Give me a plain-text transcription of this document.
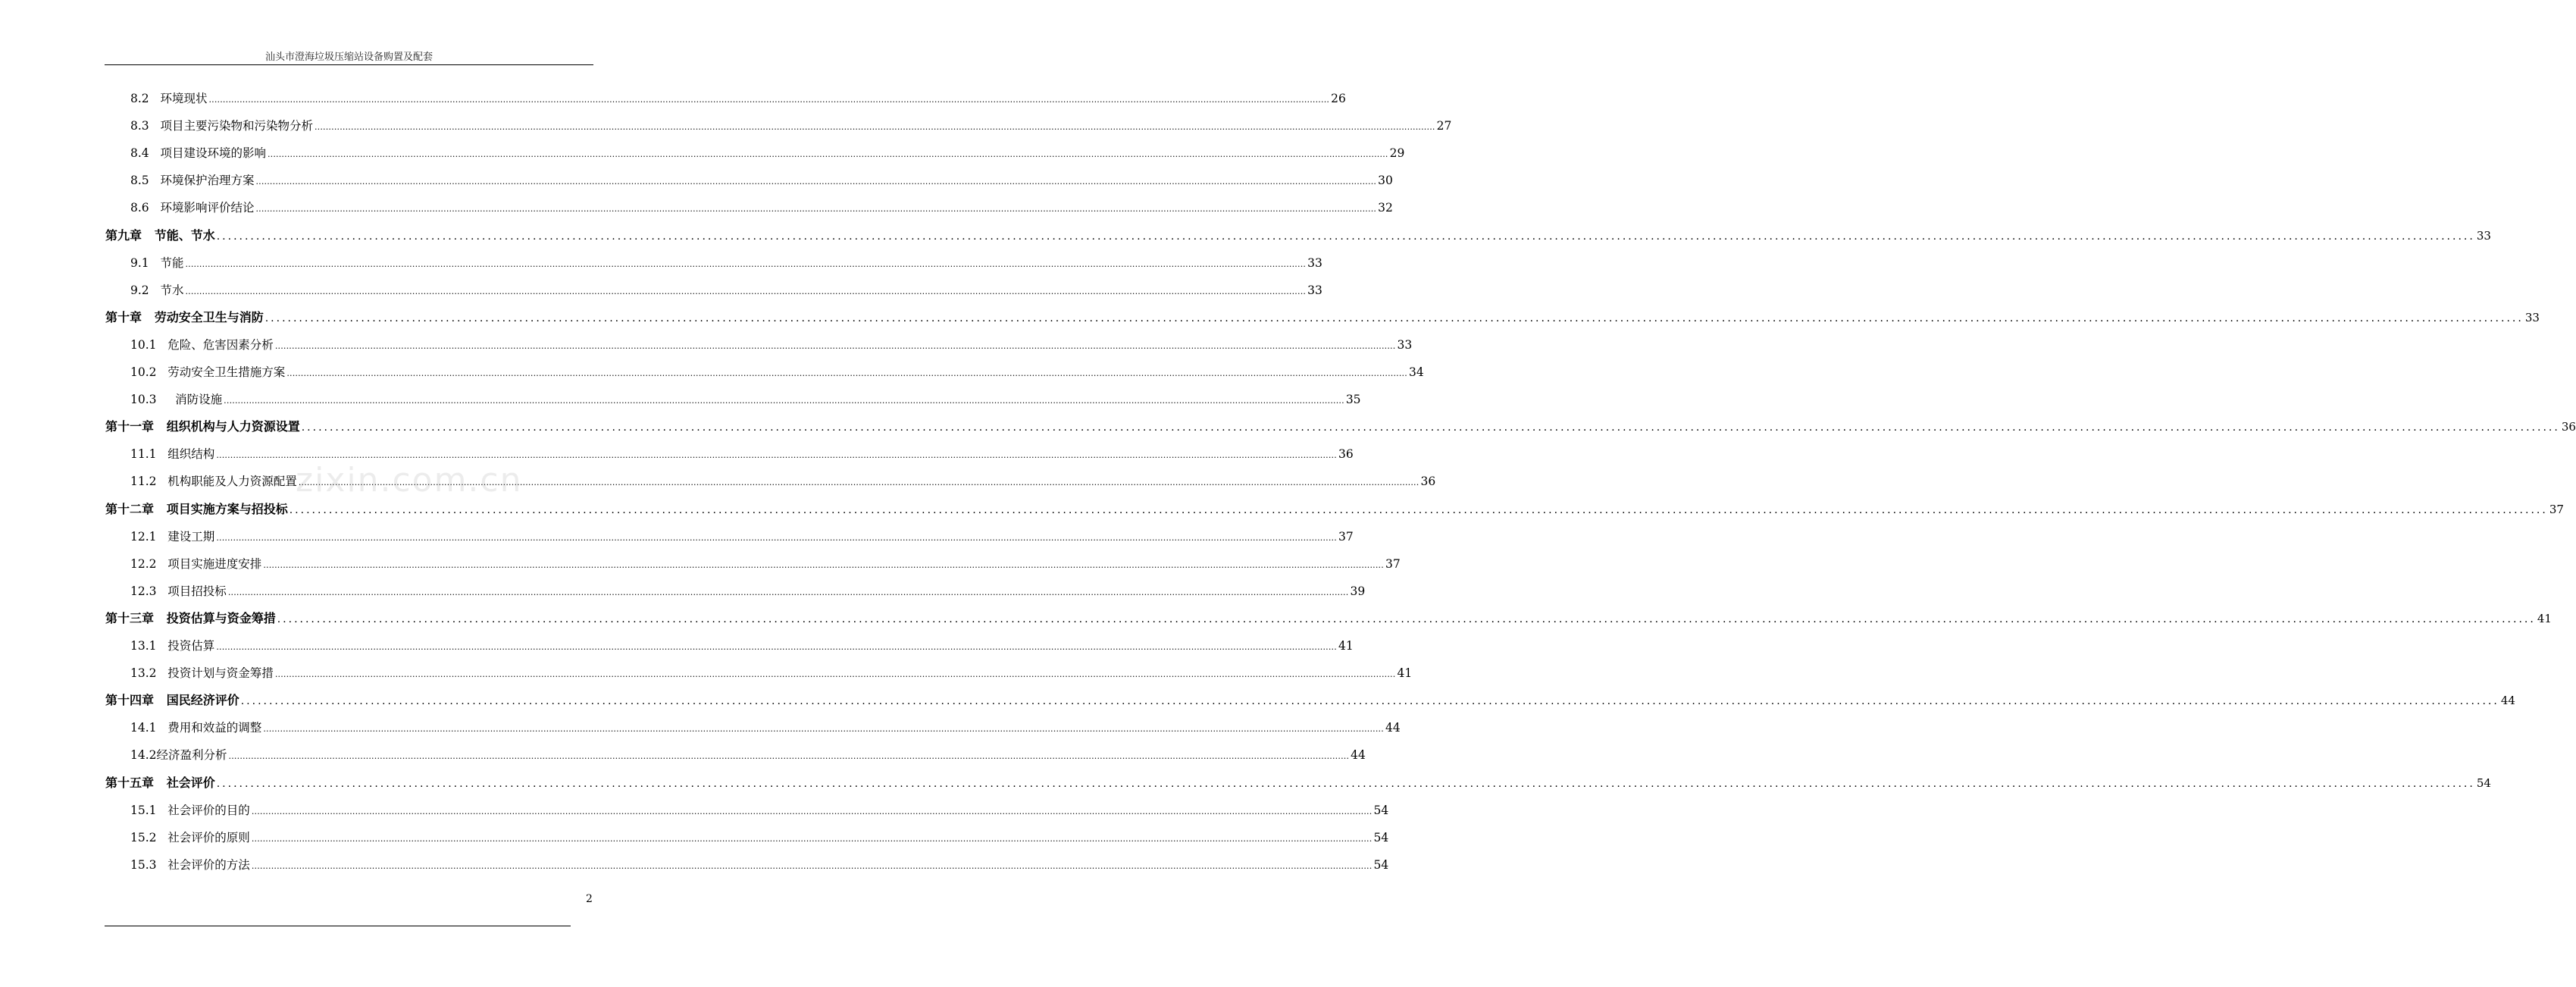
汕头市澄海垃圾压缩站设备购置及配套
8.2 环境现状 ................................................................................................................................................................................................................................................................................................................................................................................................................ 26
8.3 项目主要污染物和污染物分析 ................................................................................................................................................................................................................................................................................................................................................................................................................ 27
8.4 项目建设环境的影响 ................................................................................................................................................................................................................................................................................................................................................................................................................ 29
8.5 环境保护治理方案 ................................................................................................................................................................................................................................................................................................................................................................................................................ 30
8.6 环境影响评价结论 ................................................................................................................................................................................................................................................................................................................................................................................................................ 32
第九章 节能、节水 ................................................................................................................................................................................................................................................................................................................................................................................................................ 33
9.1 节能 ................................................................................................................................................................................................................................................................................................................................................................................................................ 33
9.2 节水 ................................................................................................................................................................................................................................................................................................................................................................................................................ 33
第十章 劳动安全卫生与消防 ................................................................................................................................................................................................................................................................................................................................................................................................................ 33
10.1 危险、危害因素分析 ................................................................................................................................................................................................................................................................................................................................................................................................................ 33
10.2 劳动安全卫生措施方案 ................................................................................................................................................................................................................................................................................................................................................................................................................ 34
10.3 消防设施 ................................................................................................................................................................................................................................................................................................................................................................................................................ 35
第十一章 组织机构与人力资源设置 ................................................................................................................................................................................................................................................................................................................................................................................................................ 36
11.1 组织结构 ................................................................................................................................................................................................................................................................................................................................................................................................................ 36
11.2 机构职能及人力资源配置 ................................................................................................................................................................................................................................................................................................................................................................................................................ 36
第十二章 项目实施方案与招投标 ................................................................................................................................................................................................................................................................................................................................................................................................................ 37
12.1 建设工期 ................................................................................................................................................................................................................................................................................................................................................................................................................ 37
12.2 项目实施进度安排 ................................................................................................................................................................................................................................................................................................................................................................................................................ 37
12.3 项目招投标 ................................................................................................................................................................................................................................................................................................................................................................................................................ 39
第十三章 投资估算与资金筹措 ................................................................................................................................................................................................................................................................................................................................................................................................................ 41
13.1 投资估算 ................................................................................................................................................................................................................................................................................................................................................................................................................ 41
13.2 投资计划与资金筹措 ................................................................................................................................................................................................................................................................................................................................................................................................................ 41
第十四章 国民经济评价 ................................................................................................................................................................................................................................................................................................................................................................................................................ 44
14.1 费用和效益的调整 ................................................................................................................................................................................................................................................................................................................................................................................................................ 44
14.2 经济盈利分析 ................................................................................................................................................................................................................................................................................................................................................................................................................ 44
第十五章 社会评价 ................................................................................................................................................................................................................................................................................................................................................................................................................ 54
15.1 社会评价的目的 ................................................................................................................................................................................................................................................................................................................................................................................................................ 54
15.2 社会评价的原则 ................................................................................................................................................................................................................................................................................................................................................................................................................ 54
15.3 社会评价的方法 ................................................................................................................................................................................................................................................................................................................................................................................................................ 54
zixin.com.cn
2
